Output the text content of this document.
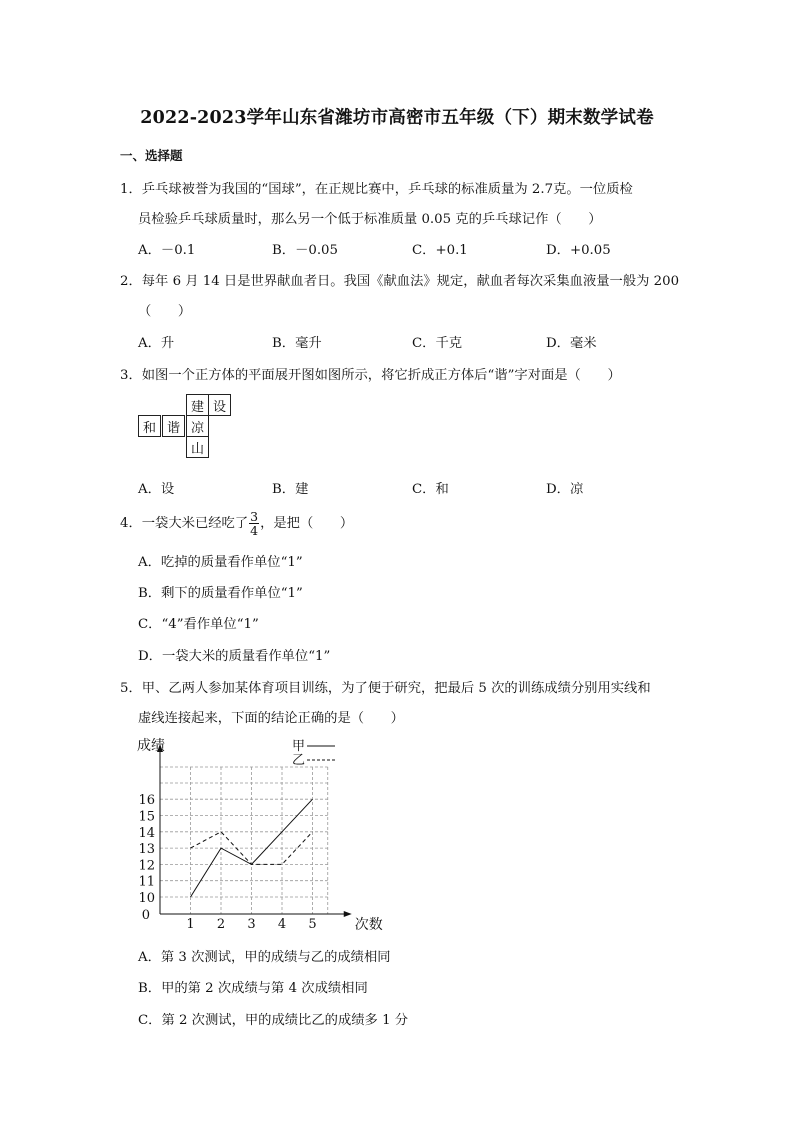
2022-2023学年山东省潍坊市高密市五年级（下）期末数学试卷
一、选择题
1．乒乓球被誉为我国的“国球”，在正规比赛中，乒乓球的标准质量为 2.7克。一位质检
员检验乒乓球质量时，那么另一个低于标准质量 0.05 克的乒乓球记作（　　）
A．－0.1	B．－0.05	C．+0.1	D．+0.05
2．每年 6 月 14 日是世界献血者日。我国《献血法》规定，献血者每次采集血液量一般为 200
（　　）
A．升	B．毫升	C．千克	D．毫米
3．如图一个正方体的平面展开图如图所示，将它折成正方体后“谐”字对面是（　　）
建 设
和 谐 凉
山
A．设	B．建	C．和	D．凉
4．一袋大米已经吃了 $\frac{3}{4}$ ，是把（　　）
A．吃掉的质量看作单位“1”
B．剩下的质量看作单位“1”
C．“4”看作单位“1”
D．一袋大米的质量看作单位“1”
5．甲、乙两人参加某体育项目训练，为了便于研究，把最后 5 次的训练成绩分别用实线和
虚线连接起来，下面的结论正确的是（　　）
成绩
次数
10
11
12
13
14
15
16
0
1 2 3 4 5
甲
乙
A．第 3 次测试，甲的成绩与乙的成绩相同
B．甲的第 2 次成绩与第 4 次成绩相同
C．第 2 次测试，甲的成绩比乙的成绩多 1 分
